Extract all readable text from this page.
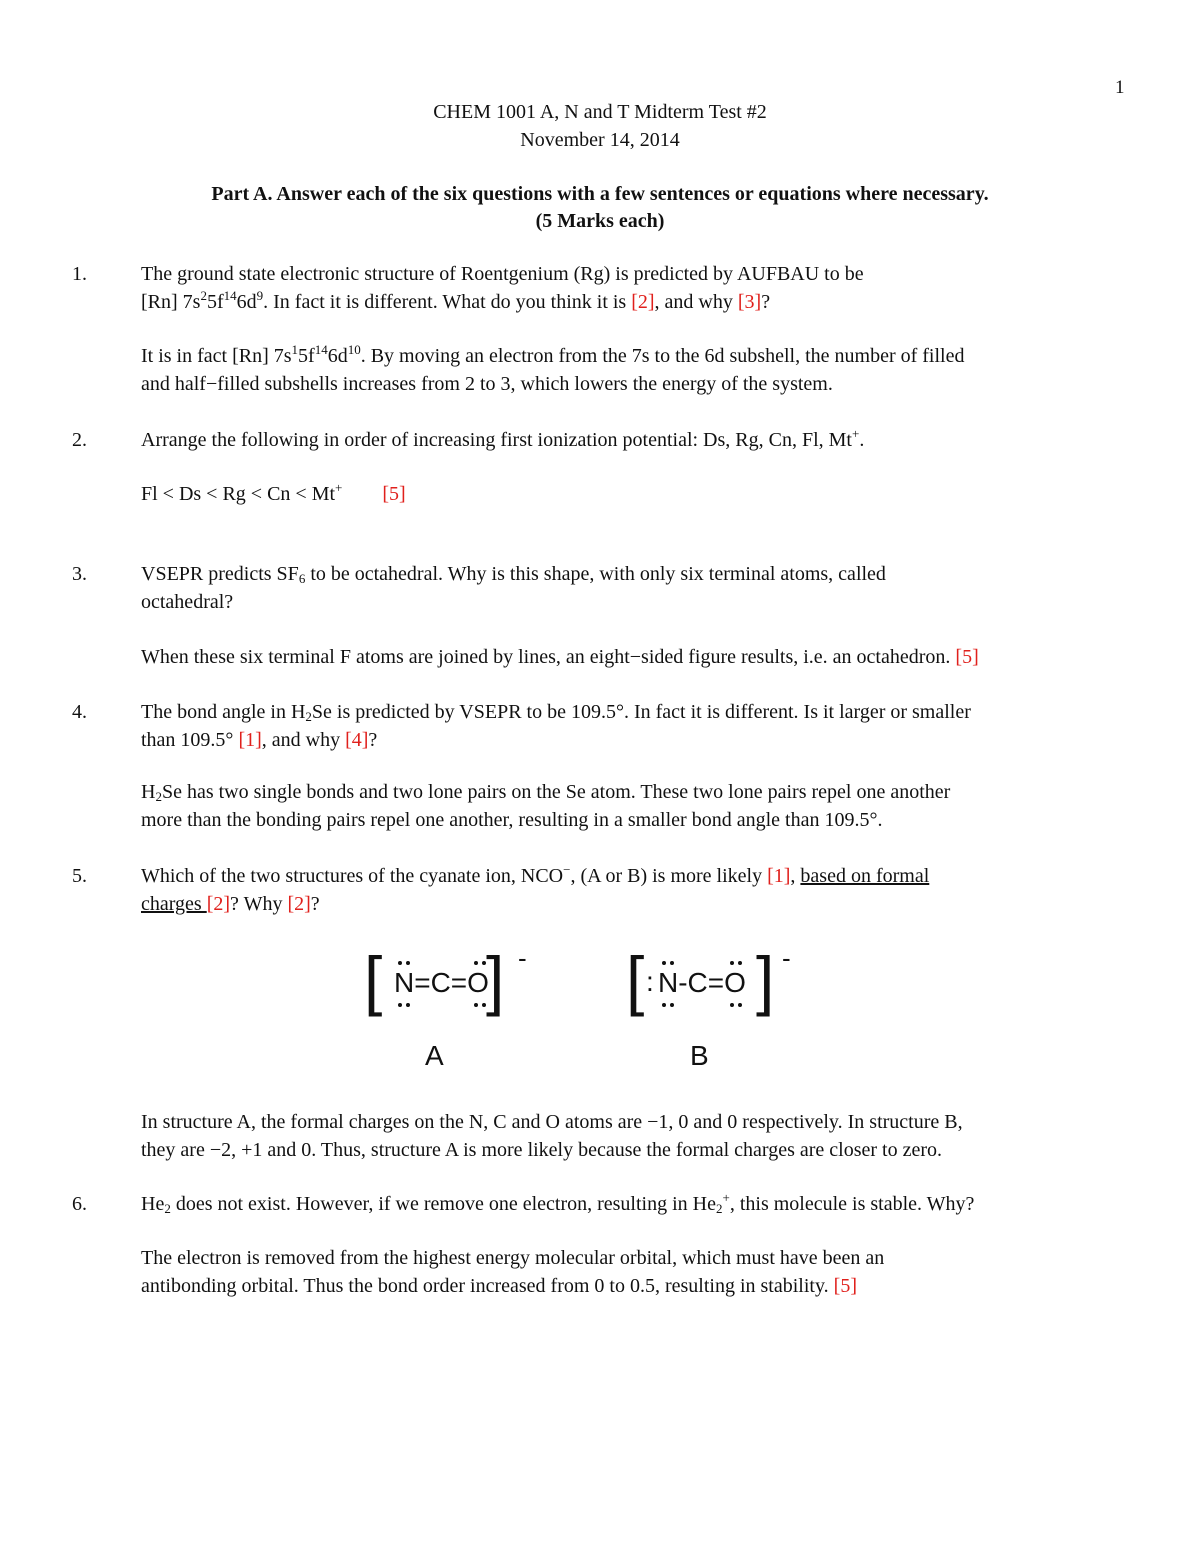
1
CHEM 1001 A, N and T Midterm Test #2
November 14, 2014
Part A. Answer each of the six questions with a few sentences or equations where necessary.
(5 Marks each)
1.	The ground state electronic structure of Roentgenium (Rg) is predicted by AUFBAU to be
[Rn] $7s^25f^{14}6d^9$. In fact it is different. What do you think it is [2], and why [3]?
It is in fact [Rn] $7s^15f^{14}6d^{10}$. By moving an electron from the 7s to the 6d subshell, the number of filled
and half−filled subshells increases from 2 to 3, which lowers the energy of the system.
2.	Arrange the following in order of increasing first ionization potential: Ds, Rg, Cn, Fl, Mt+.
Fl < Ds < Rg < Cn < Mt+ [5]
3.	VSEPR predicts $SF_6$ to be octahedral. Why is this shape, with only six terminal atoms, called
octahedral?
When these six terminal F atoms are joined by lines, an eight−sided figure results, i.e. an octahedron. [5]
4.	The bond angle in $H_2Se$ is predicted by VSEPR to be 109.5°. In fact it is different. Is it larger or smaller
than 109.5° [1], and why [4]?
$H_2Se$ has two single bonds and two lone pairs on the Se atom. These two lone pairs repel one another
more than the bonding pairs repel one another, resulting in a smaller bond angle than 109.5°.
5.	Which of the two structures of the cyanate ion, NCO−, (A or B) is more likely [1], based on formal
charges [2]? Why [2]?
[ N=C=O
] -
A
[ : N-C=O ] -
B
In structure A, the formal charges on the N, C and O atoms are −1, 0 and 0 respectively. In structure B,
they are −2, +1 and 0. Thus, structure A is more likely because the formal charges are closer to zero.
6.	$He_2$ does not exist. However, if we remove one electron, resulting in $He_2^+$, this molecule is stable. Why?
The electron is removed from the highest energy molecular orbital, which must have been an
antibonding orbital. Thus the bond order increased from 0 to 0.5, resulting in stability. [5]
